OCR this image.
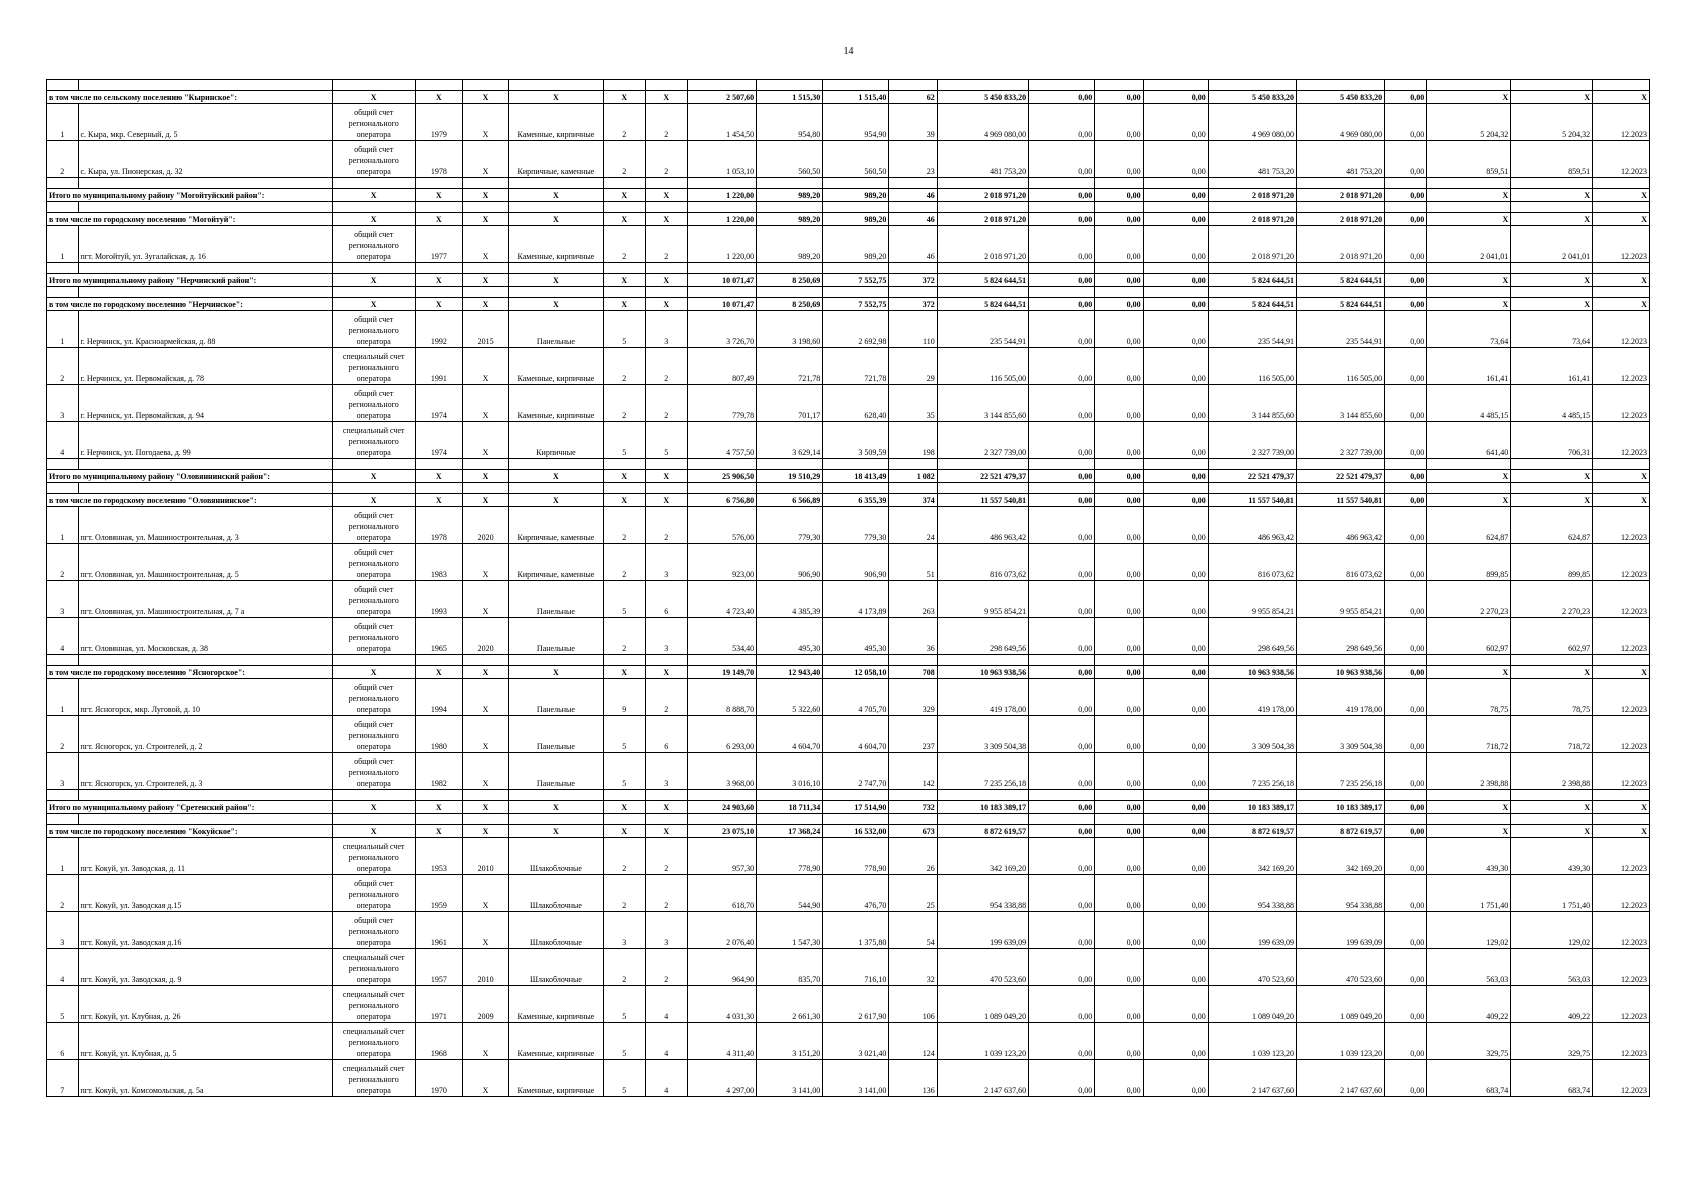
14

в том числе по сельскому поселению "Кыринское":		X	X	X	X	X	X	2 507,60	1 515,30	1 515,40	62	5 450 833,20	0,00	0,00	0,00	5 450 833,20	5 450 833,20	0,00	X	X	X
1	с. Кыра, мкр. Северный, д. 5	общий счет регионального оператора	1979	X	Каменные, кирпичные	2	2	1 454,50	954,80	954,90	39	4 969 080,00	0,00	0,00	0,00	4 969 080,00	4 969 080,00	0,00	5 204,32	5 204,32	12.2023
2	с. Кыра, ул. Пионерская, д. 32	общий счет регионального оператора	1978	X	Кирпичные, каменные	2	2	1 053,10	560,50	560,50	23	481 753,20	0,00	0,00	0,00	481 753,20	481 753,20	0,00	859,51	859,51	12.2023

Итого по муниципальному району "Могойтуйский район":		X	X	X	X	X	X	1 220,00	989,20	989,20	46	2 018 971,20	0,00	0,00	0,00	2 018 971,20	2 018 971,20	0,00	X	X	X

в том числе по городскому поселению "Могойтуй":		X	X	X	X	X	X	1 220,00	989,20	989,20	46	2 018 971,20	0,00	0,00	0,00	2 018 971,20	2 018 971,20	0,00	X	X	X
1	пгт. Могойтуй, ул. Зугалайская, д. 16	общий счет регионального оператора	1977	X	Каменные, кирпичные	2	2	1 220,00	989,20	989,20	46	2 018 971,20	0,00	0,00	0,00	2 018 971,20	2 018 971,20	0,00	2 041,01	2 041,01	12.2023

Итого по муниципальному району "Нерчинский район":		X	X	X	X	X	X	10 071,47	8 250,69	7 552,75	372	5 824 644,51	0,00	0,00	0,00	5 824 644,51	5 824 644,51	0,00	X	X	X

в том числе по городскому поселению "Нерчинское":		X	X	X	X	X	X	10 071,47	8 250,69	7 552,75	372	5 824 644,51	0,00	0,00	0,00	5 824 644,51	5 824 644,51	0,00	X	X	X
1	г. Нерчинск, ул. Красноармейская, д. 88	общий счет регионального оператора	1992	2015	Панельные	5	3	3 726,70	3 198,60	2 692,98	110	235 544,91	0,00	0,00	0,00	235 544,91	235 544,91	0,00	73,64	73,64	12.2023
2	г. Нерчинск, ул. Первомайская, д. 78	специальный счет регионального оператора	1991	X	Каменные, кирпичные	2	2	807,49	721,78	721,78	29	116 505,00	0,00	0,00	0,00	116 505,00	116 505,00	0,00	161,41	161,41	12.2023
3	г. Нерчинск, ул. Первомайская, д. 94	общий счет регионального оператора	1974	X	Каменные, кирпичные	2	2	779,78	701,17	628,40	35	3 144 855,60	0,00	0,00	0,00	3 144 855,60	3 144 855,60	0,00	4 485,15	4 485,15	12.2023
4	г. Нерчинск, ул. Погодаева, д. 99	специальный счет регионального оператора	1974	X	Кирпичные	5	5	4 757,50	3 629,14	3 509,59	198	2 327 739,00	0,00	0,00	0,00	2 327 739,00	2 327 739,00	0,00	641,40	706,31	12.2023

Итого по муниципальному району "Оловяннинский район":		X	X	X	X	X	X	25 906,50	19 510,29	18 413,49	1 082	22 521 479,37	0,00	0,00	0,00	22 521 479,37	22 521 479,37	0,00	X	X	X

в том числе по городскому поселению "Оловяннинское":		X	X	X	X	X	X	6 756,80	6 566,89	6 355,39	374	11 557 540,81	0,00	0,00	0,00	11 557 540,81	11 557 540,81	0,00	X	X	X
1	пгт. Оловянная, ул. Машиностроительная, д. 3	общий счет регионального оператора	1978	2020	Кирпичные, каменные	2	2	576,00	779,30	779,30	24	486 963,42	0,00	0,00	0,00	486 963,42	486 963,42	0,00	624,87	624,87	12.2023
2	пгт. Оловянная, ул. Машиностроительная, д. 5	общий счет регионального оператора	1983	X	Кирпичные, каменные	2	3	923,00	906,90	906,90	51	816 073,62	0,00	0,00	0,00	816 073,62	816 073,62	0,00	899,85	899,85	12.2023
3	пгт. Оловянная, ул. Машиностроительная, д. 7 а	общий счет регионального оператора	1993	X	Панельные	5	6	4 723,40	4 385,39	4 173,89	263	9 955 854,21	0,00	0,00	0,00	9 955 854,21	9 955 854,21	0,00	2 270,23	2 270,23	12.2023
4	пгт. Оловянная, ул. Московская, д. 38	общий счет регионального оператора	1965	2020	Панельные	2	3	534,40	495,30	495,30	36	298 649,56	0,00	0,00	0,00	298 649,56	298 649,56	0,00	602,97	602,97	12.2023

в том числе по городскому поселению "Ясногорское":		X	X	X	X	X	X	19 149,70	12 943,40	12 058,10	708	10 963 938,56	0,00	0,00	0,00	10 963 938,56	10 963 938,56	0,00	X	X	X
1	пгт. Ясногорск, мкр. Луговой, д. 10	общий счет регионального оператора	1994	X	Панельные	9	2	8 888,70	5 322,60	4 705,70	329	419 178,00	0,00	0,00	0,00	419 178,00	419 178,00	0,00	78,75	78,75	12.2023
2	пгт. Ясногорск, ул. Строителей, д. 2	общий счет регионального оператора	1980	X	Панельные	5	6	6 293,00	4 604,70	4 604,70	237	3 309 504,38	0,00	0,00	0,00	3 309 504,38	3 309 504,38	0,00	718,72	718,72	12.2023
3	пгт. Ясногорск, ул. Строителей, д. 3	общий счет регионального оператора	1982	X	Панельные	5	3	3 968,00	3 016,10	2 747,70	142	7 235 256,18	0,00	0,00	0,00	7 235 256,18	7 235 256,18	0,00	2 398,88	2 398,88	12.2023

Итого по муниципальному району "Сретенский район":		X	X	X	X	X	X	24 903,60	18 711,34	17 514,90	732	10 183 389,17	0,00	0,00	0,00	10 183 389,17	10 183 389,17	0,00	X	X	X

в том числе по городскому поселению "Кокуйское":		X	X	X	X	X	X	23 075,10	17 368,24	16 532,00	673	8 872 619,57	0,00	0,00	0,00	8 872 619,57	8 872 619,57	0,00	X	X	X
1	пгт. Кокуй, ул. Заводская, д. 11	специальный счет регионального оператора	1953	2010	Шлакоблочные	2	2	957,30	778,90	778,90	26	342 169,20	0,00	0,00	0,00	342 169,20	342 169,20	0,00	439,30	439,30	12.2023
2	пгт. Кокуй, ул. Заводская д.15	общий счет регионального оператора	1959	X	Шлакоблочные	2	2	618,70	544,90	476,70	25	954 338,88	0,00	0,00	0,00	954 338,88	954 338,88	0,00	1 751,40	1 751,40	12.2023
3	пгт. Кокуй, ул. Заводская д.16	общий счет регионального оператора	1961	X	Шлакоблочные	3	3	2 076,40	1 547,30	1 375,80	54	199 639,09	0,00	0,00	0,00	199 639,09	199 639,09	0,00	129,02	129,02	12.2023
4	пгт. Кокуй, ул. Заводская, д. 9	специальный счет регионального оператора	1957	2010	Шлакоблочные	2	2	964,90	835,70	716,10	32	470 523,60	0,00	0,00	0,00	470 523,60	470 523,60	0,00	563,03	563,03	12.2023
5	пгт. Кокуй, ул. Клубная, д. 26	специальный счет регионального оператора	1971	2009	Каменные, кирпичные	5	4	4 031,30	2 661,30	2 617,90	106	1 089 049,20	0,00	0,00	0,00	1 089 049,20	1 089 049,20	0,00	409,22	409,22	12.2023
6	пгт. Кокуй, ул. Клубная, д. 5	специальный счет регионального оператора	1968	X	Каменные, кирпичные	5	4	4 311,40	3 151,20	3 021,40	124	1 039 123,20	0,00	0,00	0,00	1 039 123,20	1 039 123,20	0,00	329,75	329,75	12.2023
7	пгт. Кокуй, ул. Комсомольская, д. 5а	специальный счет регионального оператора	1970	X	Каменные, кирпичные	5	4	4 297,00	3 141,00	3 141,00	136	2 147 637,60	0,00	0,00	0,00	2 147 637,60	2 147 637,60	0,00	683,74	683,74	12.2023
